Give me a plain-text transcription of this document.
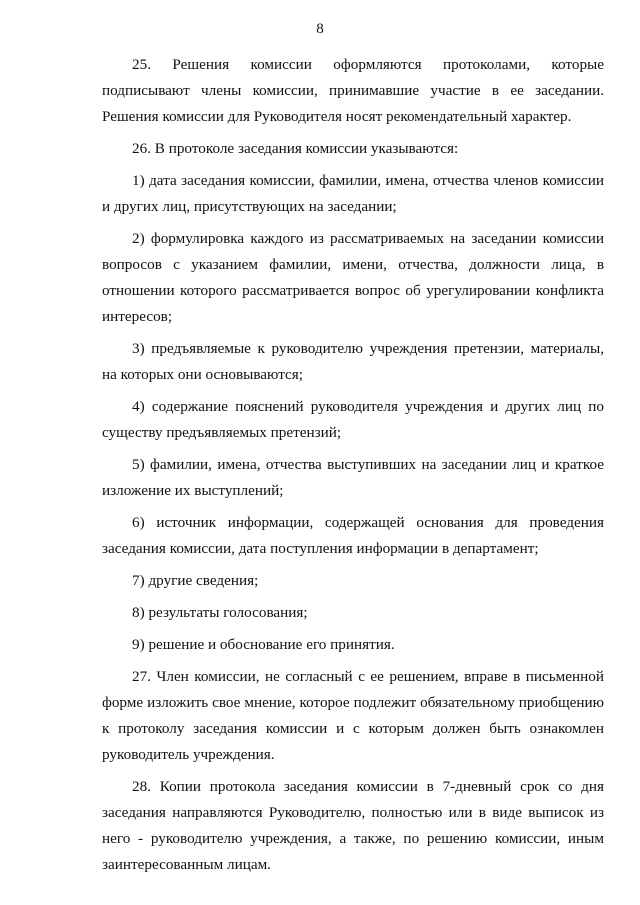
8

25. Решения комиссии оформляются протоколами, которые подписывают члены комиссии, принимавшие участие в ее заседании. Решения комиссии для Руководителя носят рекомендательный характер.

26. В протоколе заседания комиссии указываются:

1) дата заседания комиссии, фамилии, имена, отчества членов комиссии и других лиц, присутствующих на заседании;

2) формулировка каждого из рассматриваемых на заседании комиссии вопросов с указанием фамилии, имени, отчества, должности лица, в отношении которого рассматривается вопрос об урегулировании конфликта интересов;

3) предъявляемые к руководителю учреждения претензии, материалы, на которых они основываются;

4) содержание пояснений руководителя учреждения и других лиц по существу предъявляемых претензий;

5) фамилии, имена, отчества выступивших на заседании лиц и краткое изложение их выступлений;

6) источник информации, содержащей основания для проведения заседания комиссии, дата поступления информации в департамент;

7) другие сведения;

8) результаты голосования;

9) решение и обоснование его принятия.

27. Член комиссии, не согласный с ее решением, вправе в письменной форме изложить свое мнение, которое подлежит обязательному приобщению к протоколу заседания комиссии и с которым должен быть ознакомлен руководитель учреждения.

28. Копии протокола заседания комиссии в 7-дневный срок со дня заседания направляются Руководителю, полностью или в виде выписок из него - руководителю учреждения, а также, по решению комиссии, иным заинтересованным лицам.
